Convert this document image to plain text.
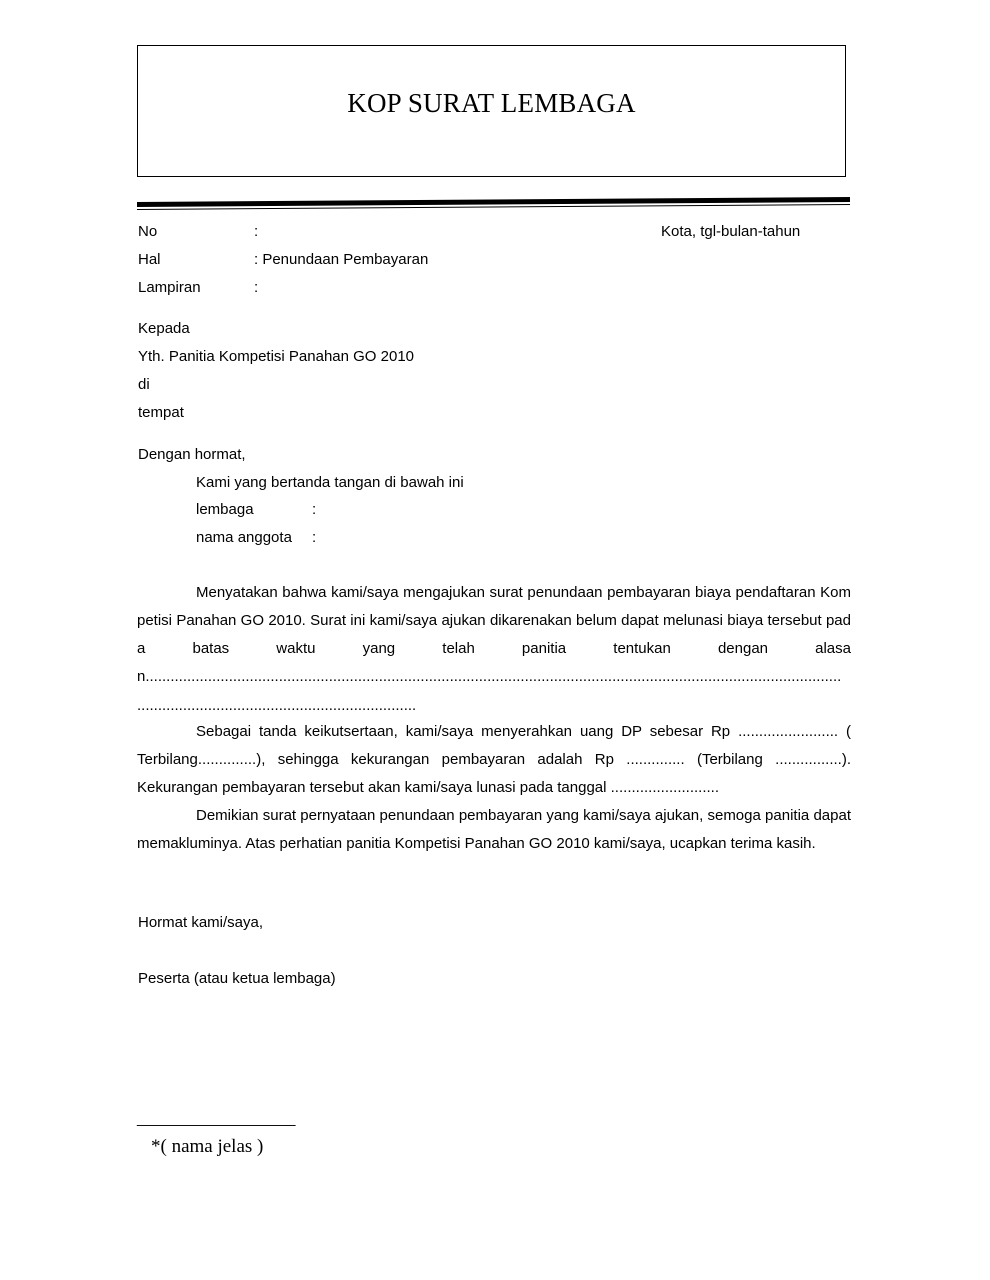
KOP SURAT LEMBAGA
No	:	Kota, tgl-bulan-tahun
Hal	: Penundaan Pembayaran
Lampiran	:
Kepada
Yth. Panitia Kompetisi Panahan GO 2010
di
tempat
Dengan hormat,
Kami yang bertanda tangan di bawah ini
lembaga	:
nama anggota :
Menyatakan bahwa kami/saya mengajukan surat penundaan pembayaran biaya pendaftaran Kompetisi Panahan GO 2010. Surat ini kami/saya ajukan dikarenakan belum dapat melunasi biaya tersebut pada batas waktu yang telah panitia tentukan dengan alasan.......................................................................................................................................................................
...................................................................
Sebagai tanda keikutsertaan, kami/saya menyerahkan uang DP sebesar Rp ........................ ( Terbilang..............), sehingga kekurangan pembayaran adalah Rp .............. (Terbilang ................). Kekurangan pembayaran tersebut akan kami/saya lunasi pada tanggal ..........................
Demikian surat pernyataan penundaan pembayaran yang kami/saya ajukan, semoga panitia dapat memakluminya. Atas perhatian panitia Kompetisi Panahan GO 2010 kami/saya, ucapkan terima kasih.
Hormat kami/saya,
Peserta (atau ketua lembaga)
___________________
*( nama jelas )
